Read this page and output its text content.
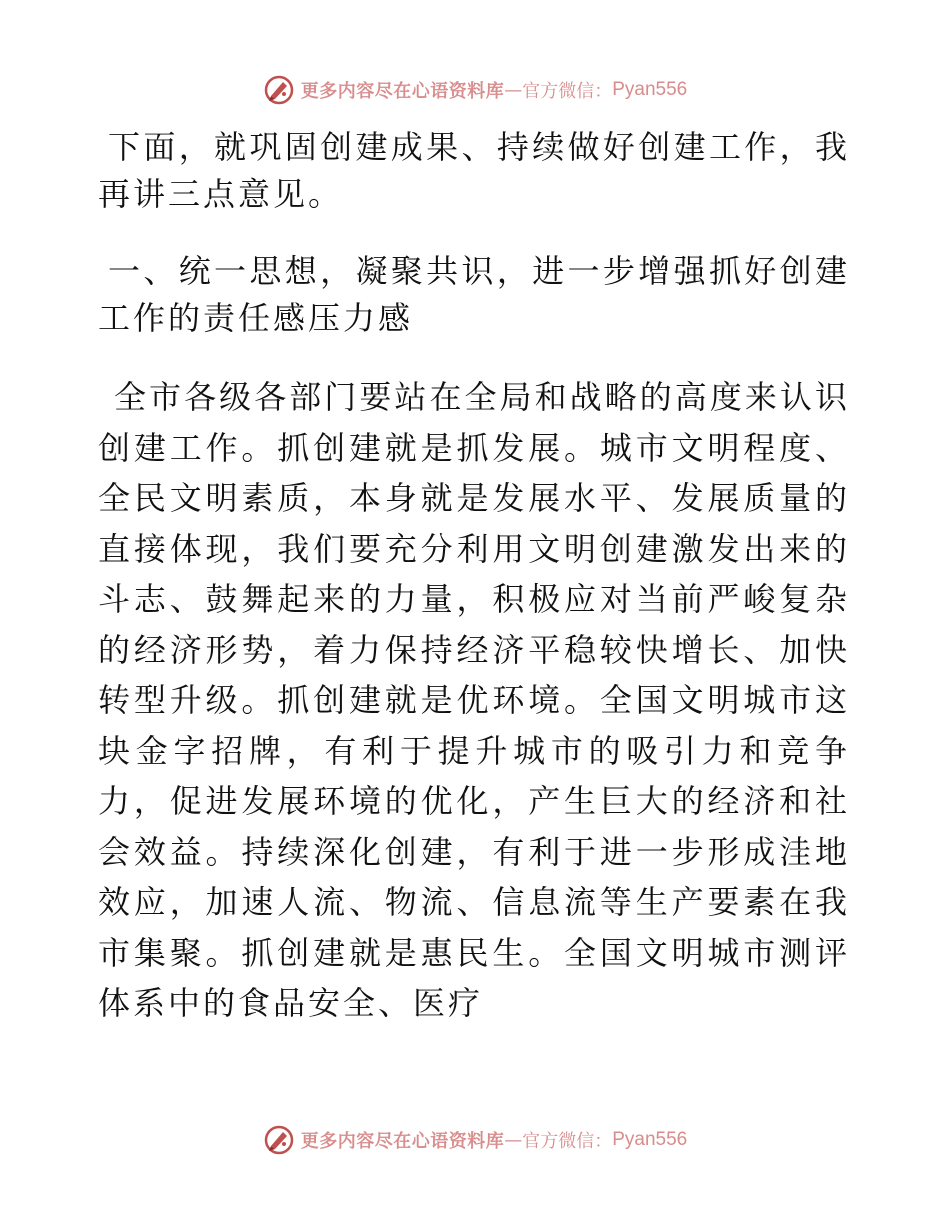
更多内容尽在心语资料库 — 官方微信： Pyan556

下面，就巩固创建成果、持续做好创建工作，我再讲三点意见。

一、统一思想，凝聚共识，进一步增强抓好创建工作的责任感压力感

全市各级各部门要站在全局和战略的高度来认识创建工作。抓创建就是抓发展。城市文明程度、全民文明素质，本身就是发展水平、发展质量的直接体现，我们要充分利用文明创建激发出来的斗志、鼓舞起来的力量，积极应对当前严峻复杂的经济形势，着力保持经济平稳较快增长、加快转型升级。抓创建就是优环境。全国文明城市这块金字招牌，有利于提升城市的吸引力和竞争力，促进发展环境的优化，产生巨大的经济和社会效益。持续深化创建，有利于进一步形成洼地效应，加速人流、物流、信息流等生产要素在我市集聚。抓创建就是惠民生。全国文明城市测评体系中的食品安全、医疗

更多内容尽在心语资料库 — 官方微信： Pyan556
